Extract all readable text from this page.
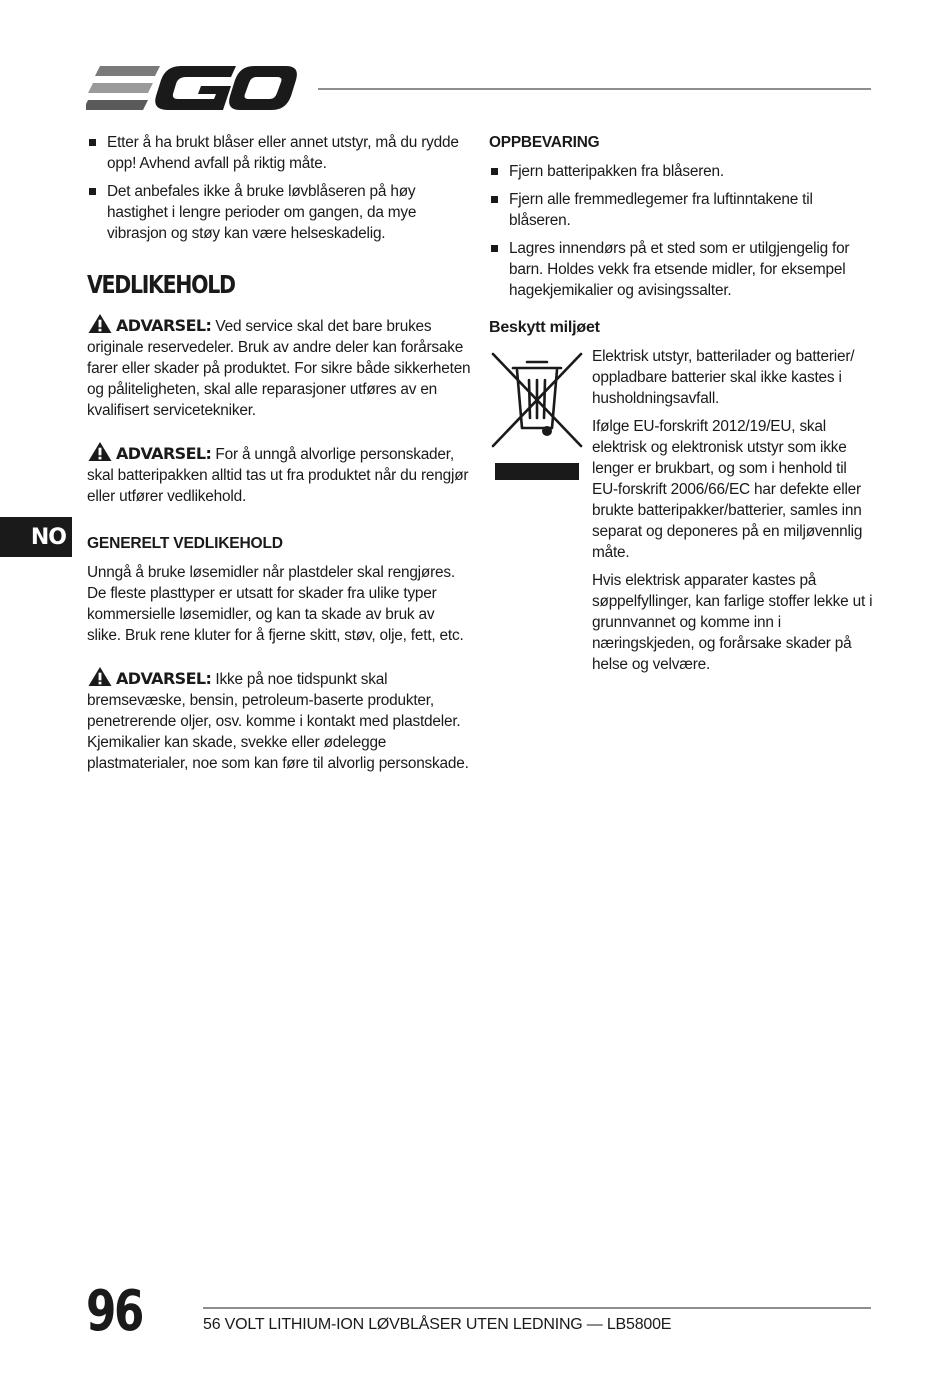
Etter å ha brukt blåser eller annet utstyr, må du rydde opp! Avhend avfall på riktig måte.
Det anbefales ikke å bruke løvblåseren på høy hastighet i lengre perioder om gangen, da mye vibrasjon og støy kan være helseskadelig.
VEDLIKEHOLD

ADVARSEL: Ved service skal det bare brukes originale reservedeler. Bruk av andre deler kan forårsake farer eller skader på produktet. For sikre både sikkerheten og påliteligheten, skal alle reparasjoner utføres av en kvalifisert servicetekniker.

ADVARSEL: For å unngå alvorlige personskader, skal batteripakken alltid tas ut fra produktet når du rengjør eller utfører vedlikehold.

GENERELT VEDLIKEHOLD

Unngå å bruke løsemidler når plastdeler skal rengjøres. De fleste plasttyper er utsatt for skader fra ulike typer kommersielle løsemidler, og kan ta skade av bruk av slike. Bruk rene kluter for å fjerne skitt, støv, olje, fett, etc.

ADVARSEL: Ikke på noe tidspunkt skal bremsevæske, bensin, petroleum-baserte produkter, penetrerende oljer, osv. komme i kontakt med plastdeler. Kjemikalier kan skade, svekke eller ødelegge plastmaterialer, noe som kan føre til alvorlig personskade.

OPPBEVARING
Fjern batteripakken fra blåseren.
Fjern alle fremmedlegemer fra luftinntakene til blåseren.
Lagres innendørs på et sted som er utilgjengelig for barn. Holdes vekk fra etsende midler, for eksempel hagekjemikalier og avisingssalter.
Beskytt miljøet

Elektrisk utstyr, batterilader og batterier/ oppladbare batterier skal ikke kastes i husholdningsavfall.

Ifølge EU-forskrift 2012/19/EU, skal elektrisk og elektronisk utstyr som ikke lenger er brukbart, og som i henhold til EU-forskrift 2006/66/EC har defekte eller brukte batteripakker/batterier, samles inn separat og deponeres på en miljøvennlig måte.

Hvis elektrisk apparater kastes på søppelfyllinger, kan farlige stoffer lekke ut i grunnvannet og komme inn i næringskjeden, og forårsake skader på helse og velvære.

NO
96	56 VOLT LITHIUM-ION LØVBLÅSER UTEN LEDNING — LB5800E
